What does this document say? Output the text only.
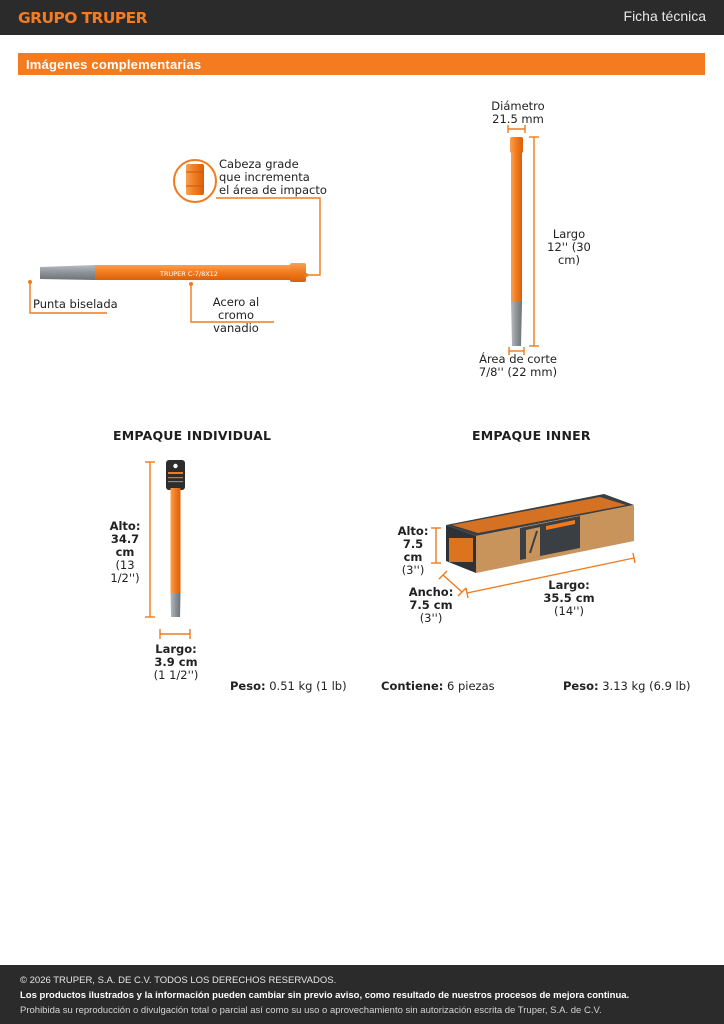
GRUPO TRUPER	Ficha técnica
Imágenes complementarias
TRUPER C-7/8X12
Cabeza grade
que incrementa
el área de impacto
Punta biselada	Acero al
cromo vanadio
Diámetro
21.5 mm
Largo
12'' (30 cm)
Área de corte
7/8'' (22 mm)
EMPAQUE INDIVIDUAL
Alto:
34.7 cm
(13 1/2'')
Largo:
3.9 cm
(1 1/2'')
Peso: 0.51 kg (1 lb)
EMPAQUE INNER
Alto:
7.5 cm
(3'')
Ancho:
7.5 cm
(3'')
Largo:
35.5 cm
(14'')
Contiene: 6 piezas	Peso: 3.13 kg (6.9 lb)
© 2026 TRUPER, S.A. DE C.V. TODOS LOS DERECHOS RESERVADOS.
Los productos ilustrados y la información pueden cambiar sin previo aviso, como resultado de nuestros procesos de mejora continua.
Prohibida su reproducción o divulgación total o parcial así como su uso o aprovechamiento sin autorización escrita de Truper, S.A. de C.V.
